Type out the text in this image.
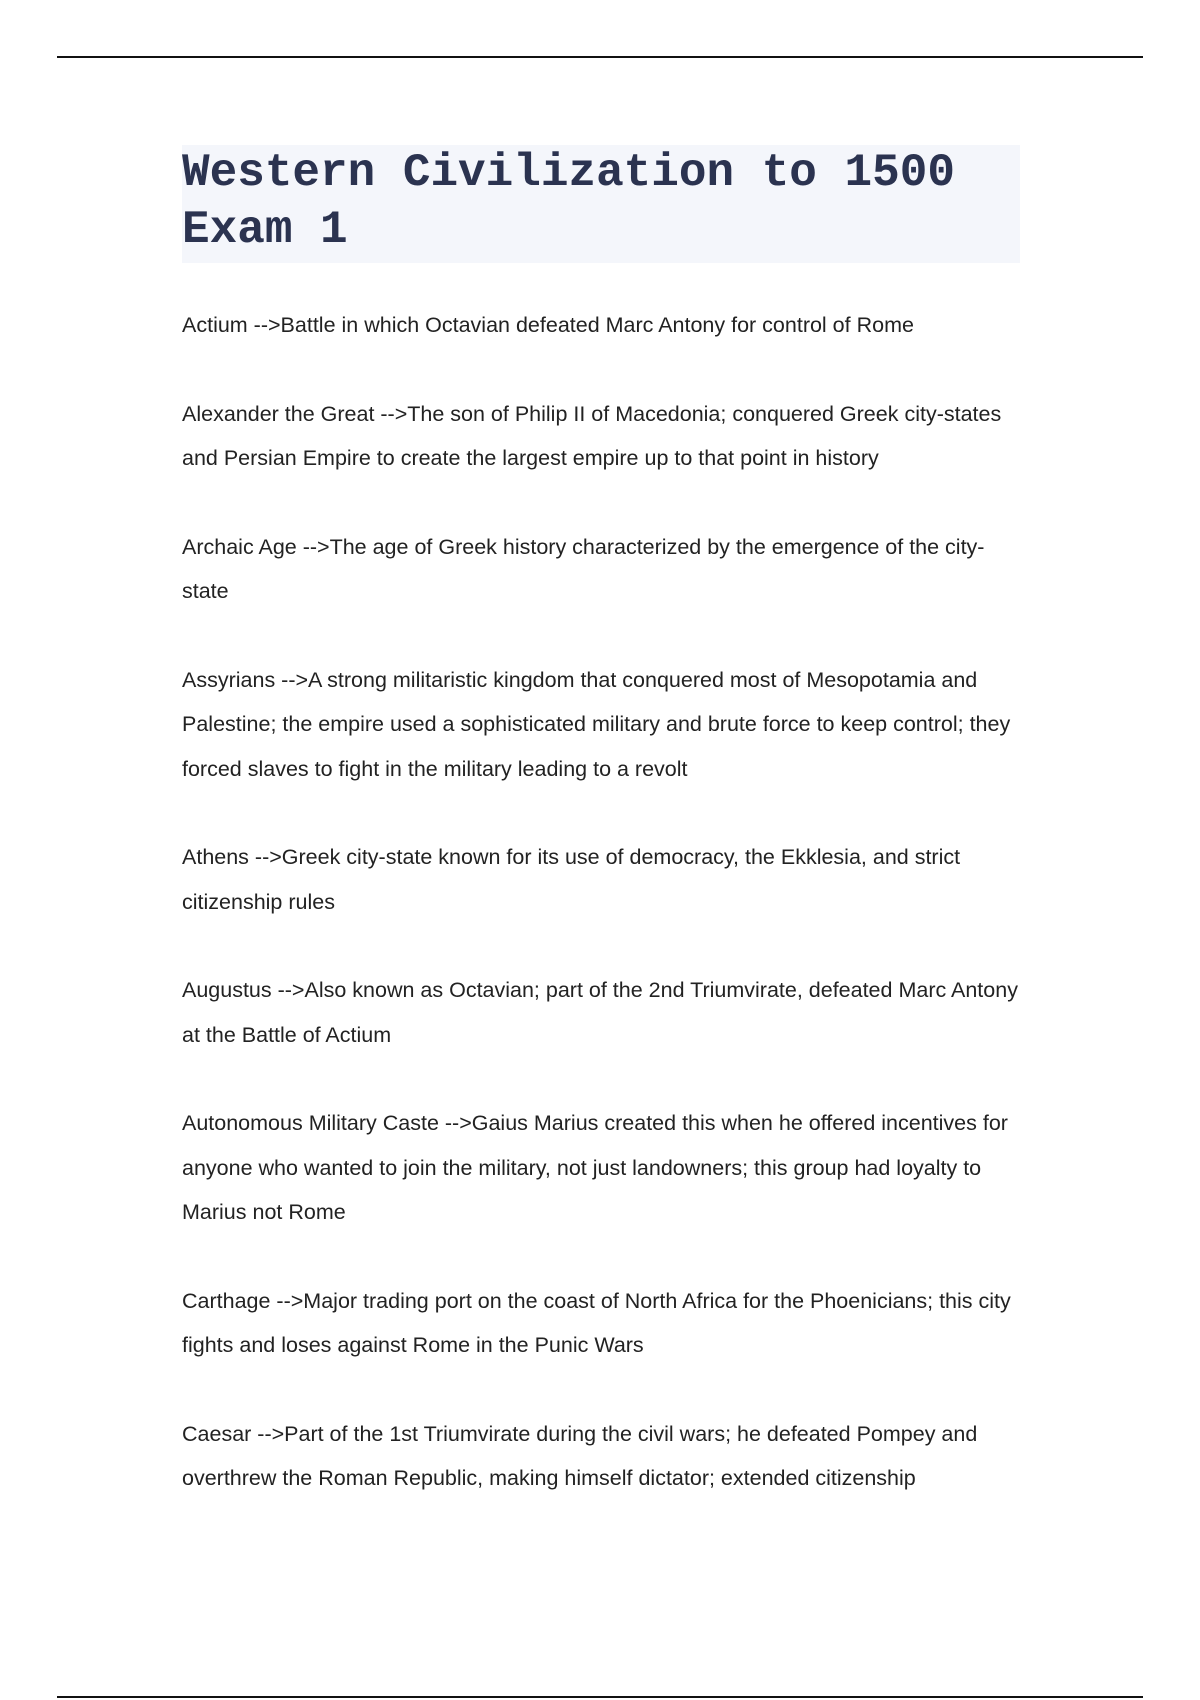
Western Civilization to 1500
Exam 1
Actium -->Battle in which Octavian defeated Marc Antony for control of Rome
Alexander the Great -->The son of Philip II of Macedonia; conquered Greek city-states and Persian Empire to create the largest empire up to that point in history
Archaic Age -->The age of Greek history characterized by the emergence of the city-state
Assyrians -->A strong militaristic kingdom that conquered most of Mesopotamia and Palestine; the empire used a sophisticated military and brute force to keep control; they forced slaves to fight in the military leading to a revolt
Athens -->Greek city-state known for its use of democracy, the Ekklesia, and strict citizenship rules
Augustus -->Also known as Octavian; part of the 2nd Triumvirate, defeated Marc Antony at the Battle of Actium
Autonomous Military Caste -->Gaius Marius created this when he offered incentives for anyone who wanted to join the military, not just landowners; this group had loyalty to Marius not Rome
Carthage -->Major trading port on the coast of North Africa for the Phoenicians; this city fights and loses against Rome in the Punic Wars
Caesar -->Part of the 1st Triumvirate during the civil wars; he defeated Pompey and overthrew the Roman Republic, making himself dictator; extended citizenship
